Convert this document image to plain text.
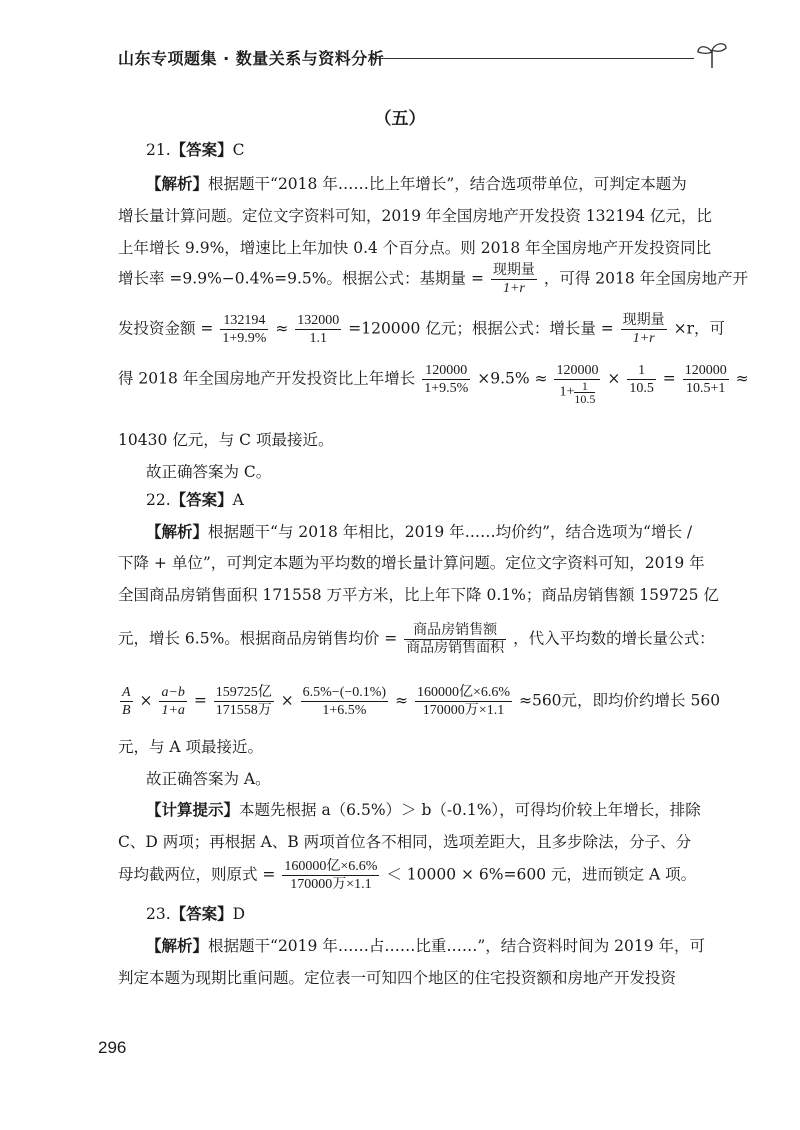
山东专项题集 · 数量关系与资料分析
（五）
21.【答案】C
【解析】根据题干“2018 年……比上年增长”，结合选项带单位，可判定本题为
增长量计算问题。定位文字资料可知，2019 年全国房地产开发投资 132194 亿元，比
上年增长 9.9%，增速比上年加快 0.4 个百分点。则 2018 年全国房地产开发投资同比
增长率 =9.9%−0.4%=9.5%。根据公式：基期量 = $\frac{\text{现期量}}{1+r}$ ，可得 2018 年全国房地产开
发投资金额 = $\frac{132194}{1+9.9\%} \approx \frac{132000}{1.1} =120000$ 亿元；根据公式：增长量 = $\frac{\text{现期量}}{1+r} \times r$，可
得 2018 年全国房地产开发投资比上年增长 $\frac{120000}{1+9.5\%} \times 9.5\% \approx \frac{120000}{1+ \frac{1}{10.5}} \times \frac{1}{10.5} = \frac{120000}{10.5+1}$ ≈
10430 亿元，与 C 项最接近。
故正确答案为 C。
22.【答案】A
【解析】根据题干“与 2018 年相比，2019 年……均价约”，结合选项为“增长 /
下降 + 单位”，可判定本题为平均数的增长量计算问题。定位文字资料可知，2019 年
全国商品房销售面积 171558 万平方米，比上年下降 0.1%；商品房销售额 159725 亿
元，增长 6.5%。根据商品房销售均价 = $\frac{\text{商品房销售额}}{\text{商品房销售面积}}$ ，代入平均数的增长量公式：
$\frac{A}{B} \times \frac{a-b}{1+a} = \frac{\text{159725亿}}{\text{171558万}} \times \frac{6.5\%-(-0.1\%)}{1+6.5\%} \approx \frac{\text{160000亿×6.6\%}}{\text{170000万×1.1}} \approx 560$元，即均价约增长 560
元，与 A 项最接近。
故正确答案为 A。
【计算提示】本题先根据 a（6.5%）＞ b（-0.1%），可得均价较上年增长，排除
C、D 两项；再根据 A、B 两项首位各不相同，选项差距大，且多步除法，分子、分
母均截两位，则原式 = $\frac{\text{160000亿×6.6\%}}{\text{170000万×1.1}} < 10000 \times 6\%=600$ 元，进而锁定 A 项。
23.【答案】D
【解析】根据题干“2019 年……占……比重……”，结合资料时间为 2019 年，可
判定本题为现期比重问题。定位表一可知四个地区的住宅投资额和房地产开发投资
296
